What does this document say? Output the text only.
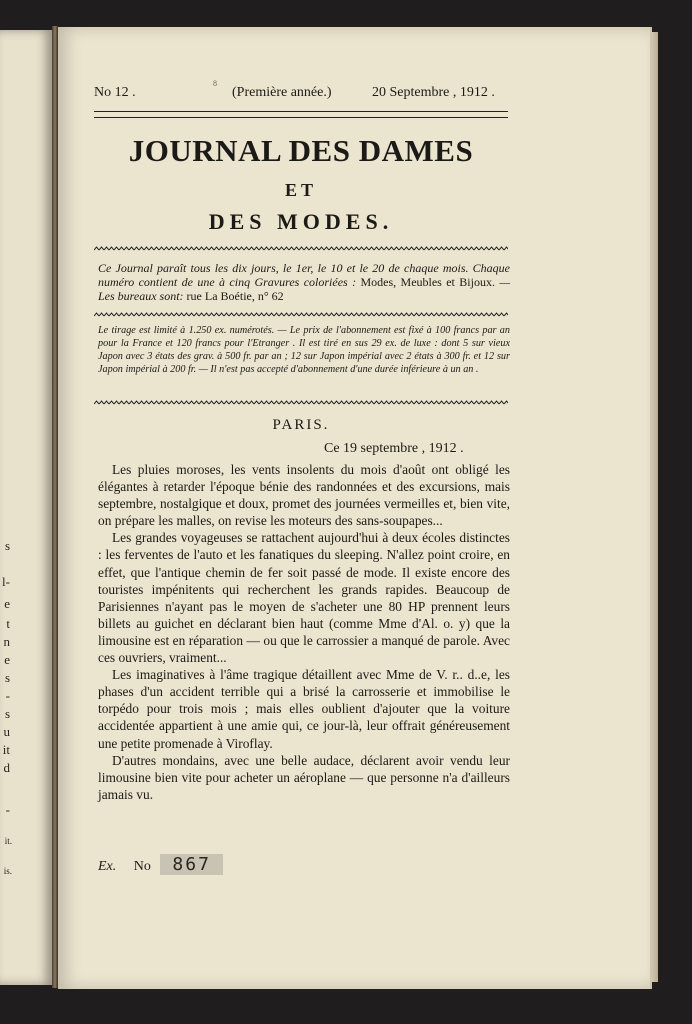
s
l-
e
t
n
e
s
-
s
u
it
d
-
it.
is.
No 12 .	(Première année.)	20 Septembre , 1912 .
8
JOURNAL DES DAMES
ET
DES MODES.
Ce Journal paraît tous les dix jours, le 1er, le 10 et le 20 de chaque mois. Chaque numéro contient de une à cinq Gravures coloriées : Modes, Meubles et Bijoux. — Les bureaux sont: rue La Boétie, n° 62
Le tirage est limité à 1.250 ex. numérotés. — Le prix de l'abonnement est fixé à 100 francs par an pour la France et 120 francs pour l'Etranger . Il est tiré en sus 29 ex. de luxe : dont 5 sur vieux Japon avec 3 états des grav. à 500 fr. par an ; 12 sur Japon impérial avec 2 états à 300 fr. et 12 sur Japon impérial à 200 fr. — Il n'est pas accepté d'abonnement d'une durée inférieure à un an .
PARIS.
Ce 19 septembre , 1912 .

Les pluies moroses, les vents insolents du mois d'août ont obligé les élégantes à retarder l'époque bénie des randonnées et des excursions, mais septembre, nostalgique et doux, promet des journées vermeilles et, bien vite, on prépare les malles, on revise les moteurs des sans-soupapes...

Les grandes voyageuses se rattachent aujourd'hui à deux écoles distinctes : les ferventes de l'auto et les fanatiques du sleeping. N'allez point croire, en effet, que l'antique chemin de fer soit passé de mode. Il existe encore des touristes impénitents qui recherchent les grands rapides. Beaucoup de Parisiennes n'ayant pas le moyen de s'acheter une 80 HP prennent leurs billets au guichet en déclarant bien haut (comme Mme d'Al. o. y) que la limousine est en réparation — ou que le carrossier a manqué de parole. Avec ces ouvriers, vraiment...

Les imaginatives à l'âme tragique détaillent avec Mme de V. r.. d..e, les phases d'un accident terrible qui a brisé la carrosserie et immobilise le torpédo pour trois mois ; mais elles oublient d'ajouter que la voiture accidentée appartient à une amie qui, ce jour-là, leur offrait généreusement une petite promenade à Viroflay.

D'autres mondains, avec une belle audace, déclarent avoir vendu leur limousine bien vite pour acheter un aéroplane — que personne n'a d'ailleurs jamais vu.

Ex. No 867
